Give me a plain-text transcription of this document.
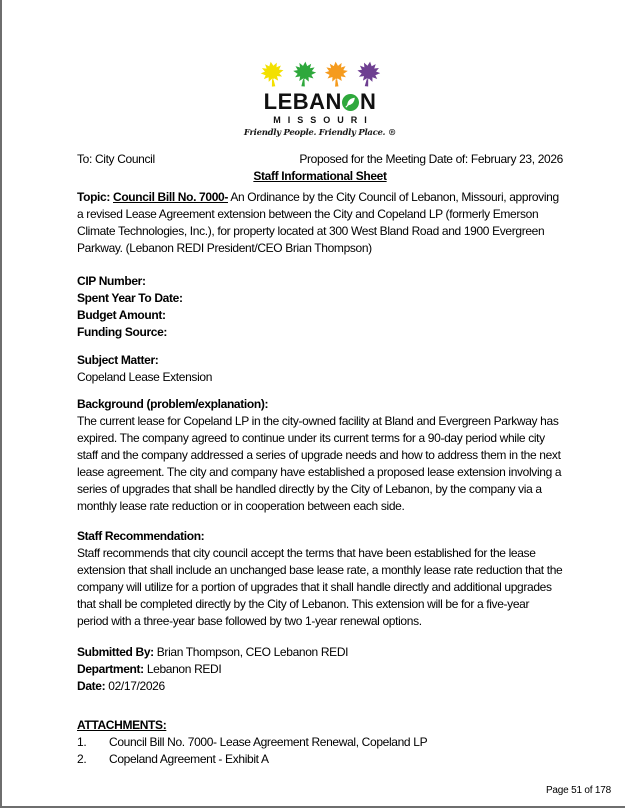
LEBAN N
MISSOURI
Friendly People. Friendly Place. ®
To: City Council	Proposed for the Meeting Date of: February 23, 2026
Staff Informational Sheet

Topic: Council Bill No. 7000- An Ordinance by the City Council of Lebanon, Missouri, approving a revised Lease Agreement extension between the City and Copeland LP (formerly Emerson Climate Technologies, Inc.), for property located at 300 West Bland Road and 1900 Evergreen Parkway. (Lebanon REDI President/CEO Brian Thompson)

CIP Number:
Spent Year To Date:
Budget Amount:
Funding Source:
Subject Matter:
Copeland Lease Extension
Background (problem/explanation):
The current lease for Copeland LP in the city-owned facility at Bland and Evergreen Parkway has expired. The company agreed to continue under its current terms for a 90-day period while city staff and the company addressed a series of upgrade needs and how to address them in the next lease agreement. The city and company have established a proposed lease extension involving a series of upgrades that shall be handled directly by the City of Lebanon, by the company via a monthly lease rate reduction or in cooperation between each side.
Staff Recommendation:
Staff recommends that city council accept the terms that have been established for the lease extension that shall include an unchanged base lease rate, a monthly lease rate reduction that the company will utilize for a portion of upgrades that it shall handle directly and additional upgrades that shall be completed directly by the City of Lebanon. This extension will be for a five-year period with a three-year base followed by two 1-year renewal options.
Submitted By: Brian Thompson, CEO Lebanon REDI
Department: Lebanon REDI
Date: 02/17/2026
ATTACHMENTS:
1.	Council Bill No. 7000- Lease Agreement Renewal, Copeland LP
2.	Copeland Agreement - Exhibit A
Page 51 of 178
